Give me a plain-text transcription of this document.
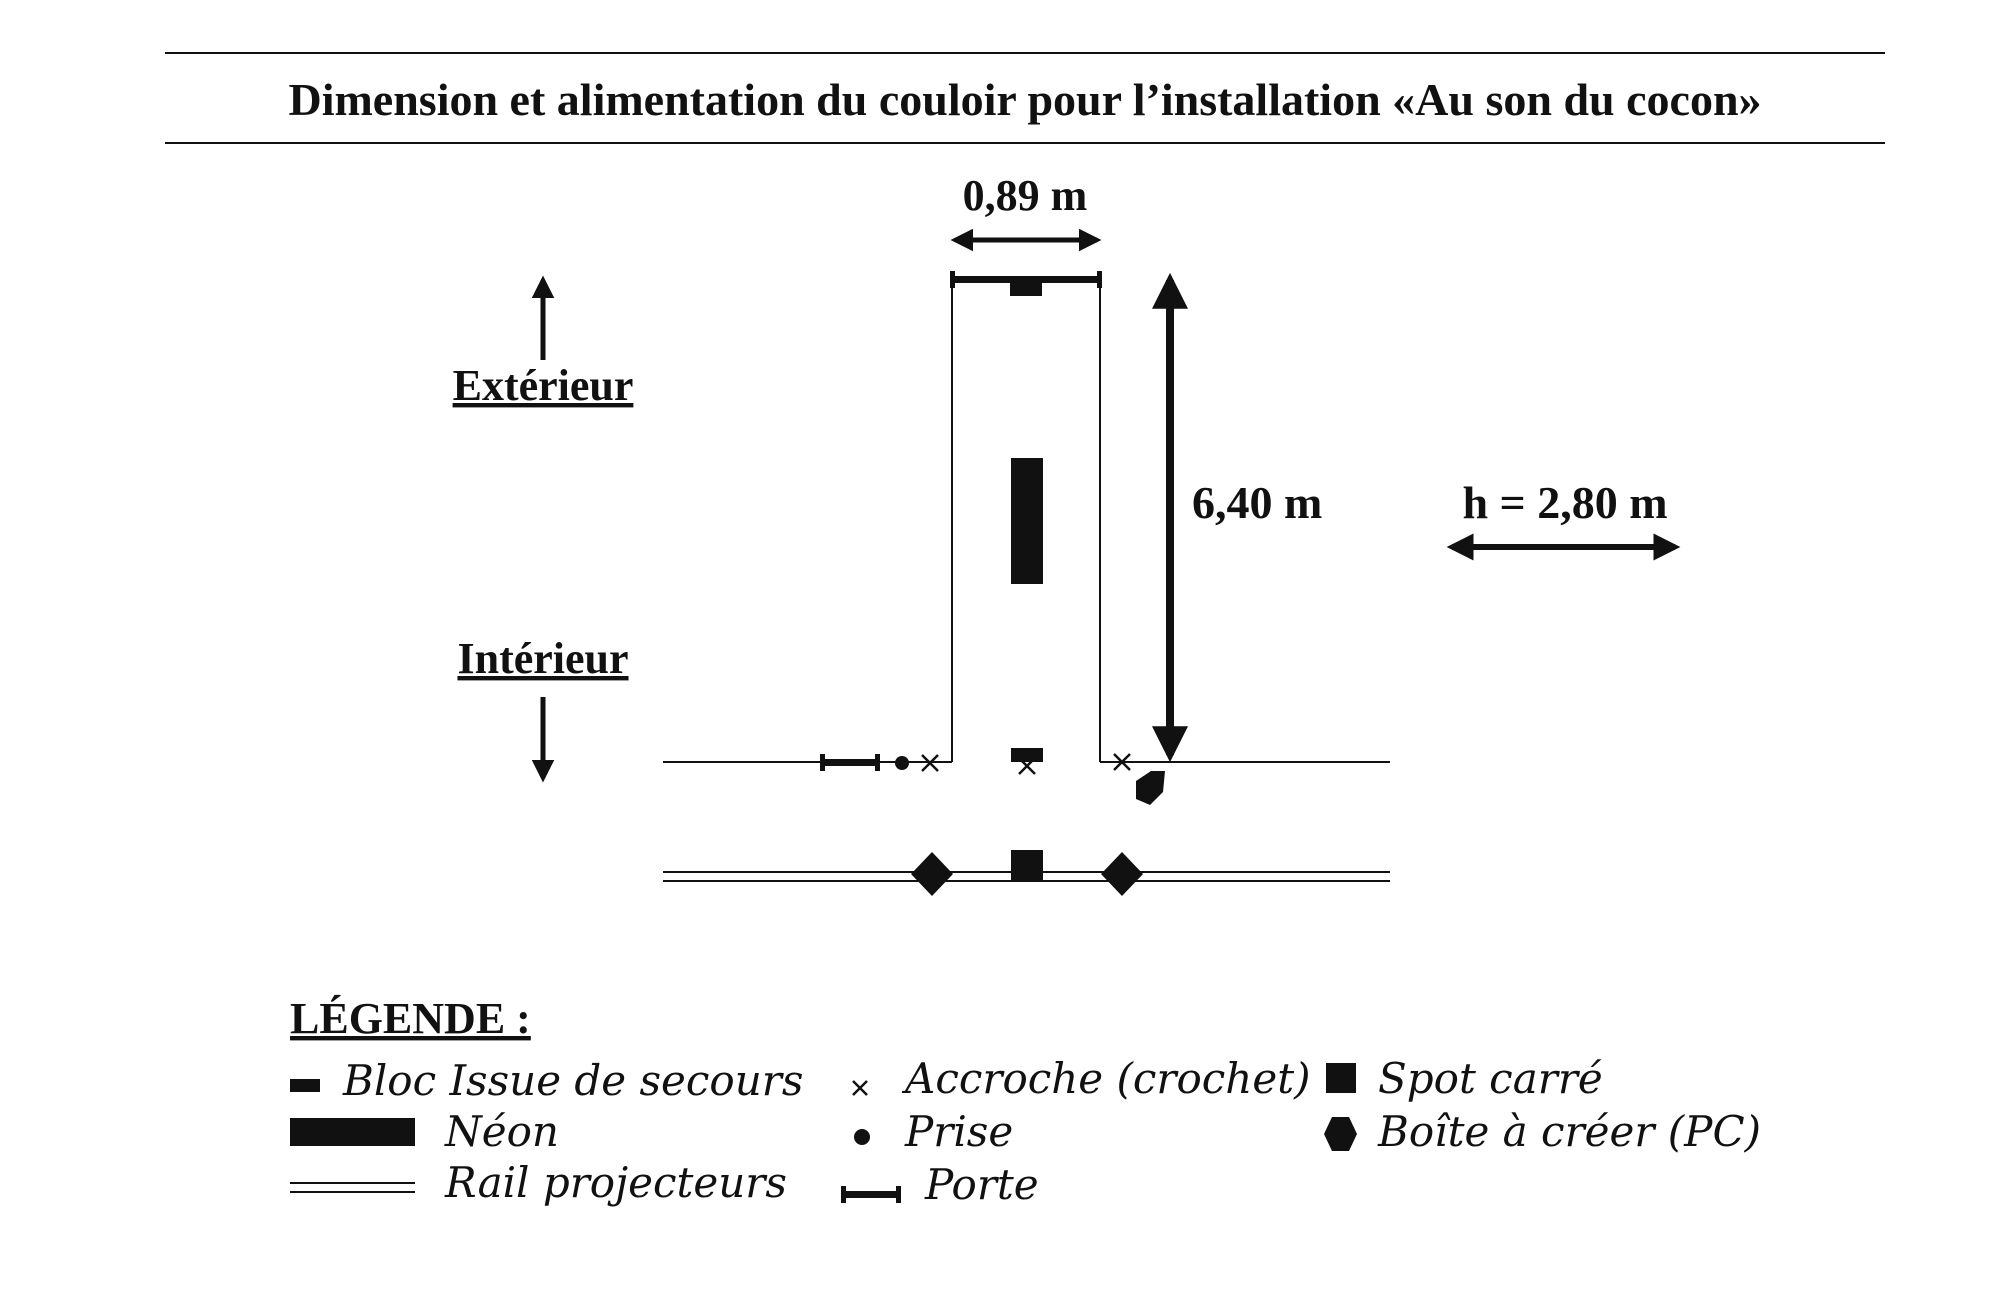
Dimension et alimentation du couloir pour l’installation «Au son du cocon»
0,89 m
6,40 m	h = 2,80 m
Extérieur
Intérieur
LÉGENDE :
Bloc Issue de secours
Néon
Rail projecteurs
Accroche (crochet)
Prise
Porte
Spot carré
Boîte à créer (PC)
